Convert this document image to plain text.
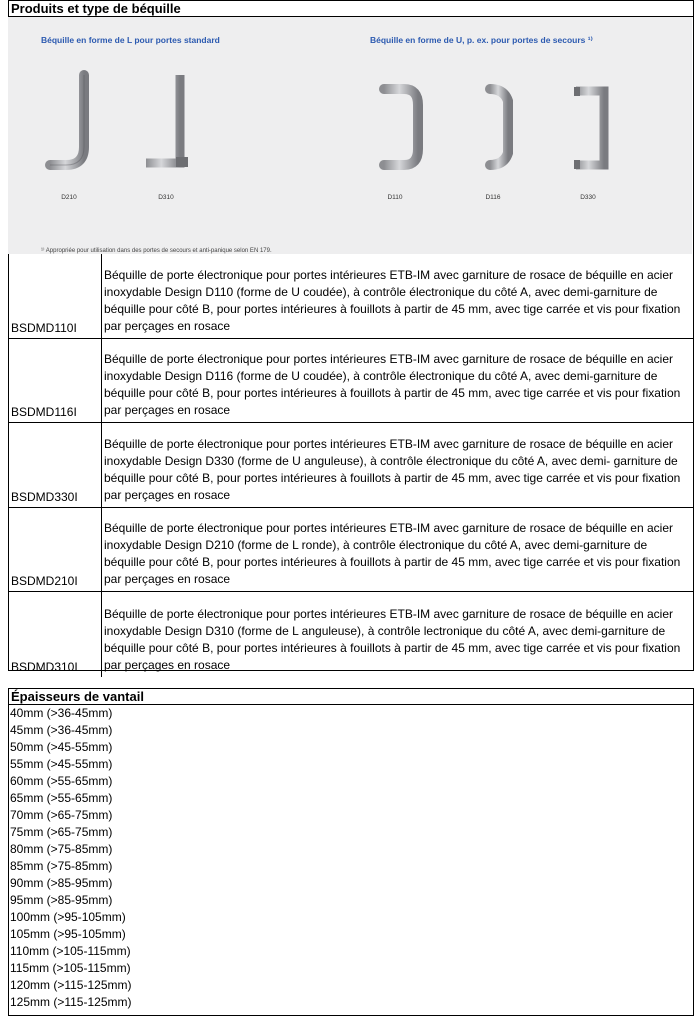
Produits et type de béquille
Béquille en forme de L pour portes standard	Béquille en forme de U, p. ex. pour portes de secours ¹⁾
D210	D310	D110	D116	D330
¹⁾ Appropriée pour utilisation dans des portes de secours et anti-panique selon EN 179.
BSDMD110I
Béquille de porte électronique pour portes intérieures ETB-IM avec garniture de rosace de béquille en acier inoxydable Design D110 (forme de U coudée), à contrôle électronique du côté A, avec demi-garniture de béquille pour côté B, pour portes intérieures à fouillots à partir de 45 mm, avec tige carrée et vis pour fixation par perçages en rosace
BSDMD116I
Béquille de porte électronique pour portes intérieures ETB-IM avec garniture de rosace de béquille en acier inoxydable Design D116 (forme de U coudée), à contrôle électronique du côté A, avec demi-garniture de béquille pour côté B, pour portes intérieures à fouillots à partir de 45 mm, avec tige carrée et vis pour fixation par perçages en rosace
BSDMD330I
Béquille de porte électronique pour portes intérieures ETB-IM avec garniture de rosace de béquille en acier inoxydable Design D330 (forme de U anguleuse), à contrôle électronique du côté A, avec demi- garniture de béquille pour côté B, pour portes intérieures à fouillots à partir de 45 mm, avec tige carrée et vis pour fixation par perçages en rosace
BSDMD210I
Béquille de porte électronique pour portes intérieures ETB-IM avec garniture de rosace de béquille en acier inoxydable Design D210 (forme de L ronde), à contrôle électronique du côté A, avec demi-garniture de béquille pour côté B, pour portes intérieures à fouillots à partir de 45 mm, avec tige carrée et vis pour fixation par perçages en rosace
BSDMD310I
Béquille de porte électronique pour portes intérieures ETB-IM avec garniture de rosace de béquille en acier inoxydable Design D310 (forme de L anguleuse), à contrôle lectronique du côté A, avec demi-garniture de béquille pour côté B, pour portes intérieures à fouillots à partir de 45 mm, avec tige carrée et vis pour fixation par perçages en rosace
Épaisseurs de vantail
40mm (>36-45mm)
45mm (>36-45mm)
50mm (>45-55mm)
55mm (>45-55mm)
60mm (>55-65mm)
65mm (>55-65mm)
70mm (>65-75mm)
75mm (>65-75mm)
80mm (>75-85mm)
85mm (>75-85mm)
90mm (>85-95mm)
95mm (>85-95mm)
100mm (>95-105mm)
105mm (>95-105mm)
110mm (>105-115mm)
115mm (>105-115mm)
120mm (>115-125mm)
125mm (>115-125mm)
